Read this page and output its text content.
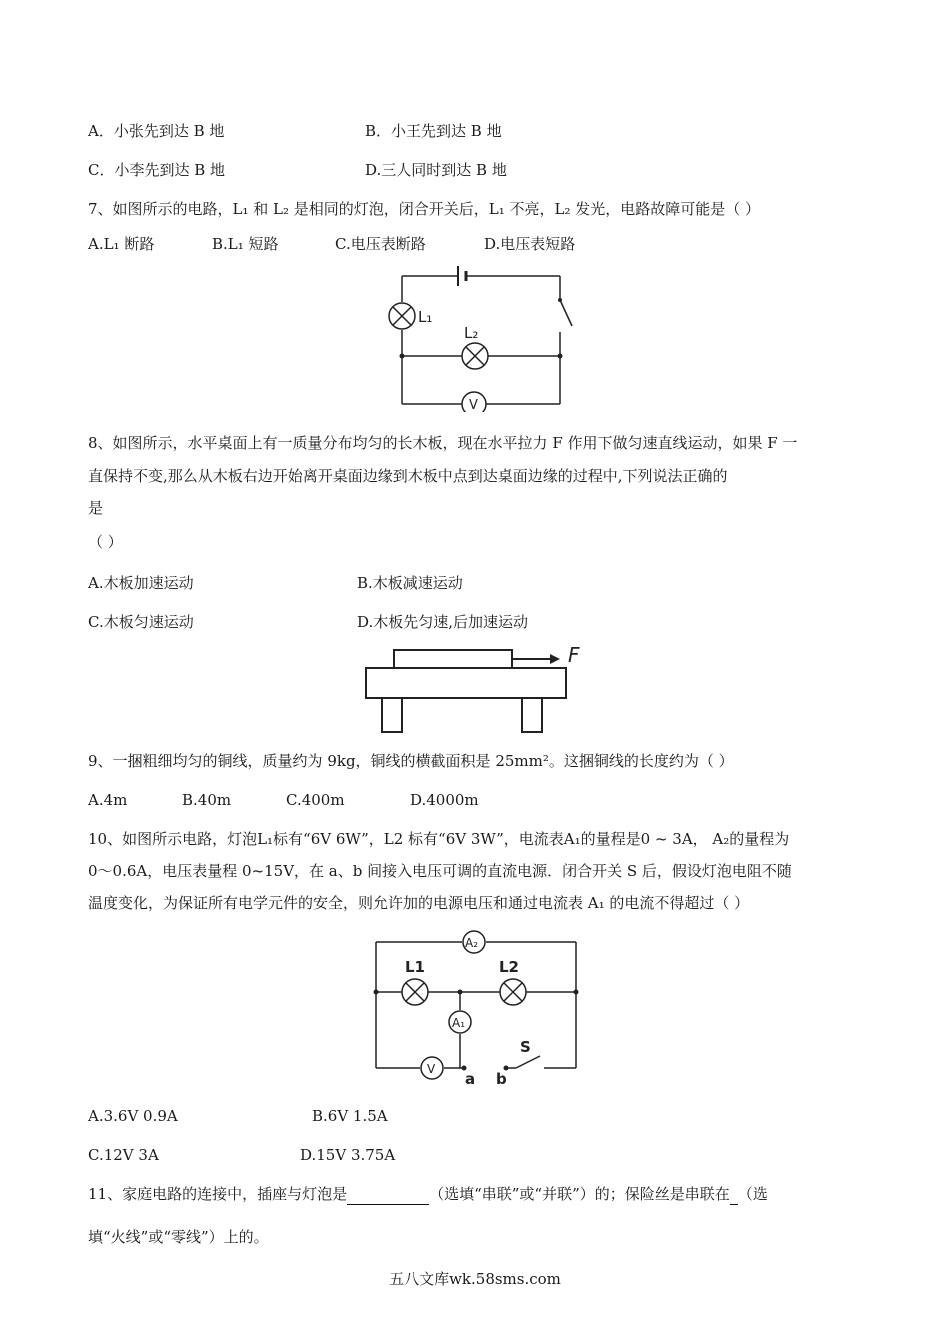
A．小张先到达 B 地	B．小王先到达 B 地
C．小李先到达 B 地	D.三人同时到达 B 地
7、如图所示的电路，L₁ 和 L₂ 是相同的灯泡，闭合开关后，L₁ 不亮，L₂ 发光，电路故障可能是（ ）
A.L₁ 断路	B.L₁ 短路	C.电压表断路	D.电压表短路
L₁
L₂
V
8、如图所示，水平桌面上有一质量分布均匀的长木板，现在水平拉力 F 作用下做匀速直线运动，如果 F 一
直保持不变,那么从木板右边开始离开桌面边缘到木板中点到达桌面边缘的过程中,下列说法正确的
是
（ ）
A.木板加速运动	B.木板减速运动
C.木板匀速运动	D.木板先匀速,后加速运动
F
9、一捆粗细均匀的铜线，质量约为 9kg，铜线的横截面积是 25mm²。这捆铜线的长度约为（ ）
A.4m	B.40m	C.400m	D.4000m
10、如图所示电路，灯泡L₁标有“6V 6W”，L2 标有“6V 3W”，电流表A₁的量程是0 ~ 3A， A₂的量程为
0～0.6A，电压表量程 0~15V，在 a、b 间接入电压可调的直流电源．闭合开关 S 后，假设灯泡电阻不随
温度变化，为保证所有电学元件的安全，则允许加的电源电压和通过电流表 A₁ 的电流不得超过（ ）
A₂
L1	L2
A₁
V
S
a b
A.3.6V 0.9A	B.6V 1.5A
C.12V 3A	D.15V 3.75A
11、家庭电路的连接中，插座与灯泡是	（选填“串联”或“并联”）的；保险丝是串联在 （选
填“火线”或“零线”）上的。
五八文库wk.58sms.com
